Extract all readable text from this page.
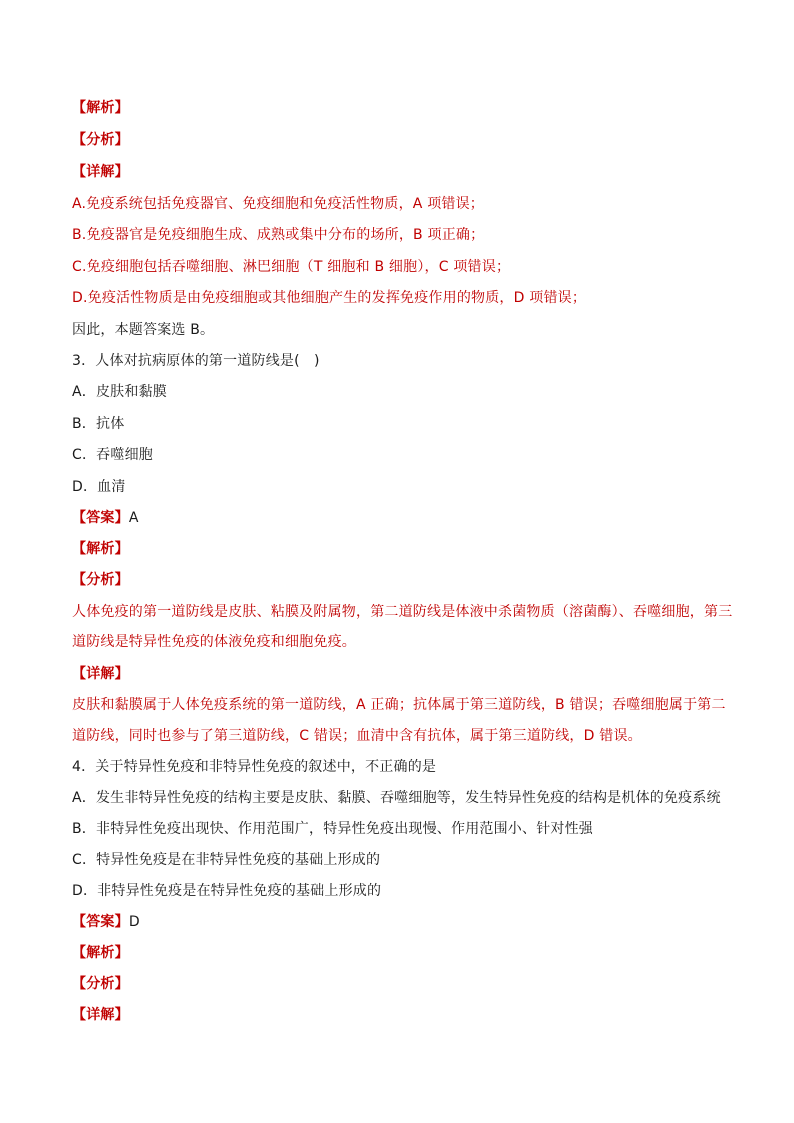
【解析】
【分析】
【详解】
A.免疫系统包括免疫器官、免疫细胞和免疫活性物质，A 项错误；
B.免疫器官是免疫细胞生成、成熟或集中分布的场所，B 项正确；
C.免疫细胞包括吞噬细胞、淋巴细胞（T 细胞和 B 细胞），C 项错误；
D.免疫活性物质是由免疫细胞或其他细胞产生的发挥免疫作用的物质，D 项错误；
因此，本题答案选 B。
3．人体对抗病原体的第一道防线是(　)
A．皮肤和黏膜
B．抗体
C．吞噬细胞
D．血清
【答案】A
【解析】
【分析】
人体免疫的第一道防线是皮肤、粘膜及附属物，第二道防线是体液中杀菌物质（溶菌酶）、吞噬细胞，第三
道防线是特异性免疫的体液免疫和细胞免疫。
【详解】
皮肤和黏膜属于人体免疫系统的第一道防线，A 正确；抗体属于第三道防线，B 错误；吞噬细胞属于第二
道防线，同时也参与了第三道防线，C 错误；血清中含有抗体，属于第三道防线，D 错误。
4．关于特异性免疫和非特异性免疫的叙述中，不正确的是
A．发生非特异性免疫的结构主要是皮肤、黏膜、吞噬细胞等，发生特异性免疫的结构是机体的免疫系统
B．非特异性免疫出现快、作用范围广，特异性免疫出现慢、作用范围小、针对性强
C．特异性免疫是在非特异性免疫的基础上形成的
D．非特异性免疫是在特异性免疫的基础上形成的
【答案】D
【解析】
【分析】
【详解】
